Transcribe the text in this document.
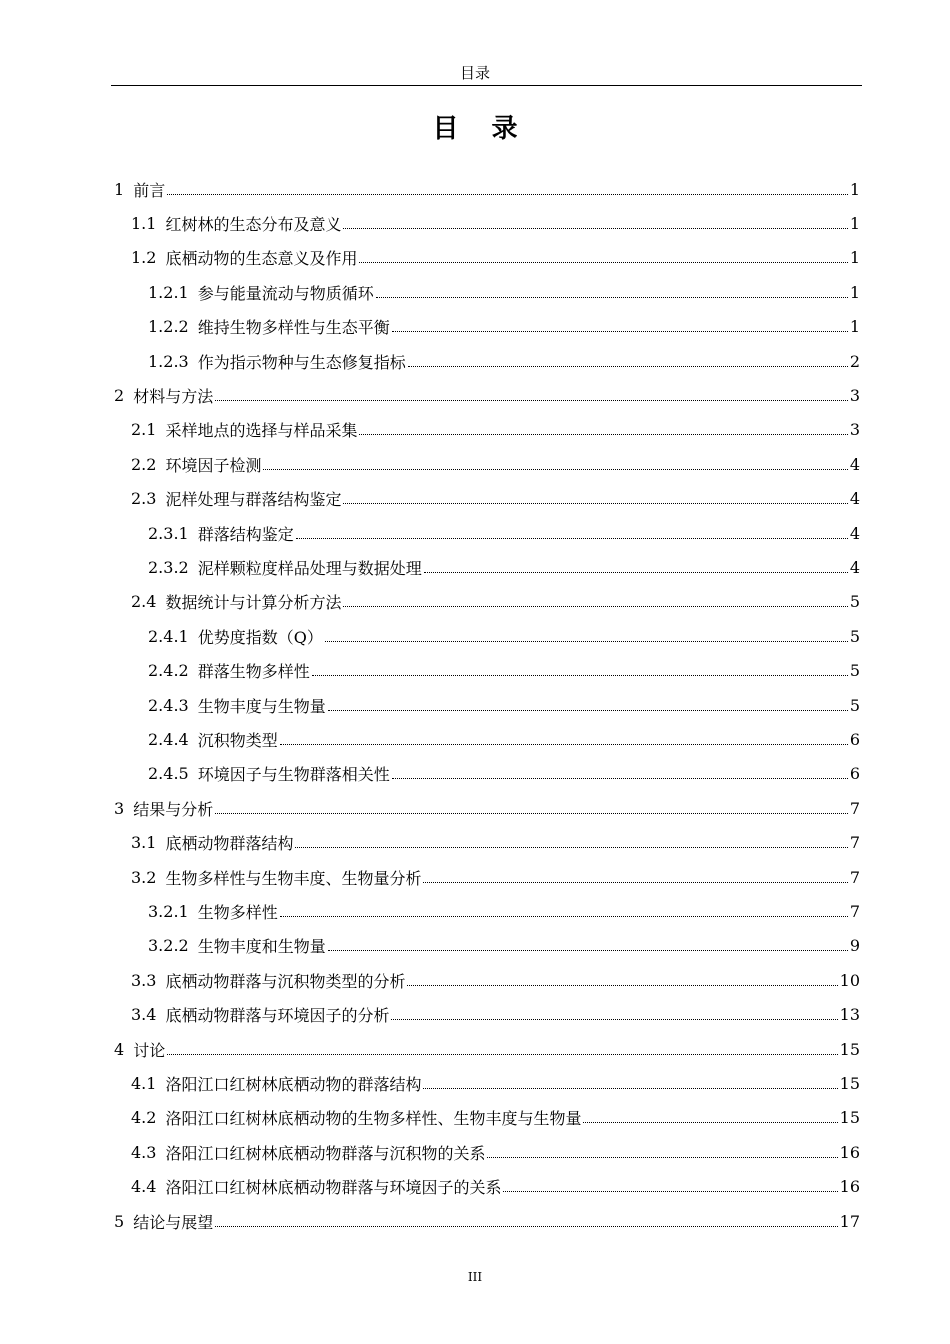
目录
目 录
1 前言	1
1.1 红树林的生态分布及意义	1
1.2 底栖动物的生态意义及作用	1
1.2.1 参与能量流动与物质循环	1
1.2.2 维持生物多样性与生态平衡	1
1.2.3 作为指示物种与生态修复指标	2
2 材料与方法	3
2.1 采样地点的选择与样品采集	3
2.2 环境因子检测	4
2.3 泥样处理与群落结构鉴定	4
2.3.1 群落结构鉴定	4
2.3.2 泥样颗粒度样品处理与数据处理	4
2.4 数据统计与计算分析方法	5
2.4.1 优势度指数（Q）	5
2.4.2 群落生物多样性	5
2.4.3 生物丰度与生物量	5
2.4.4 沉积物类型	6
2.4.5 环境因子与生物群落相关性	6
3 结果与分析	7
3.1 底栖动物群落结构	7
3.2 生物多样性与生物丰度、生物量分析	7
3.2.1 生物多样性	7
3.2.2 生物丰度和生物量	9
3.3 底栖动物群落与沉积物类型的分析	10
3.4 底栖动物群落与环境因子的分析	13
4 讨论	15
4.1 洛阳江口红树林底栖动物的群落结构	15
4.2 洛阳江口红树林底栖动物的生物多样性、生物丰度与生物量	15
4.3 洛阳江口红树林底栖动物群落与沉积物的关系	16
4.4 洛阳江口红树林底栖动物群落与环境因子的关系	16
5 结论与展望	17
III
